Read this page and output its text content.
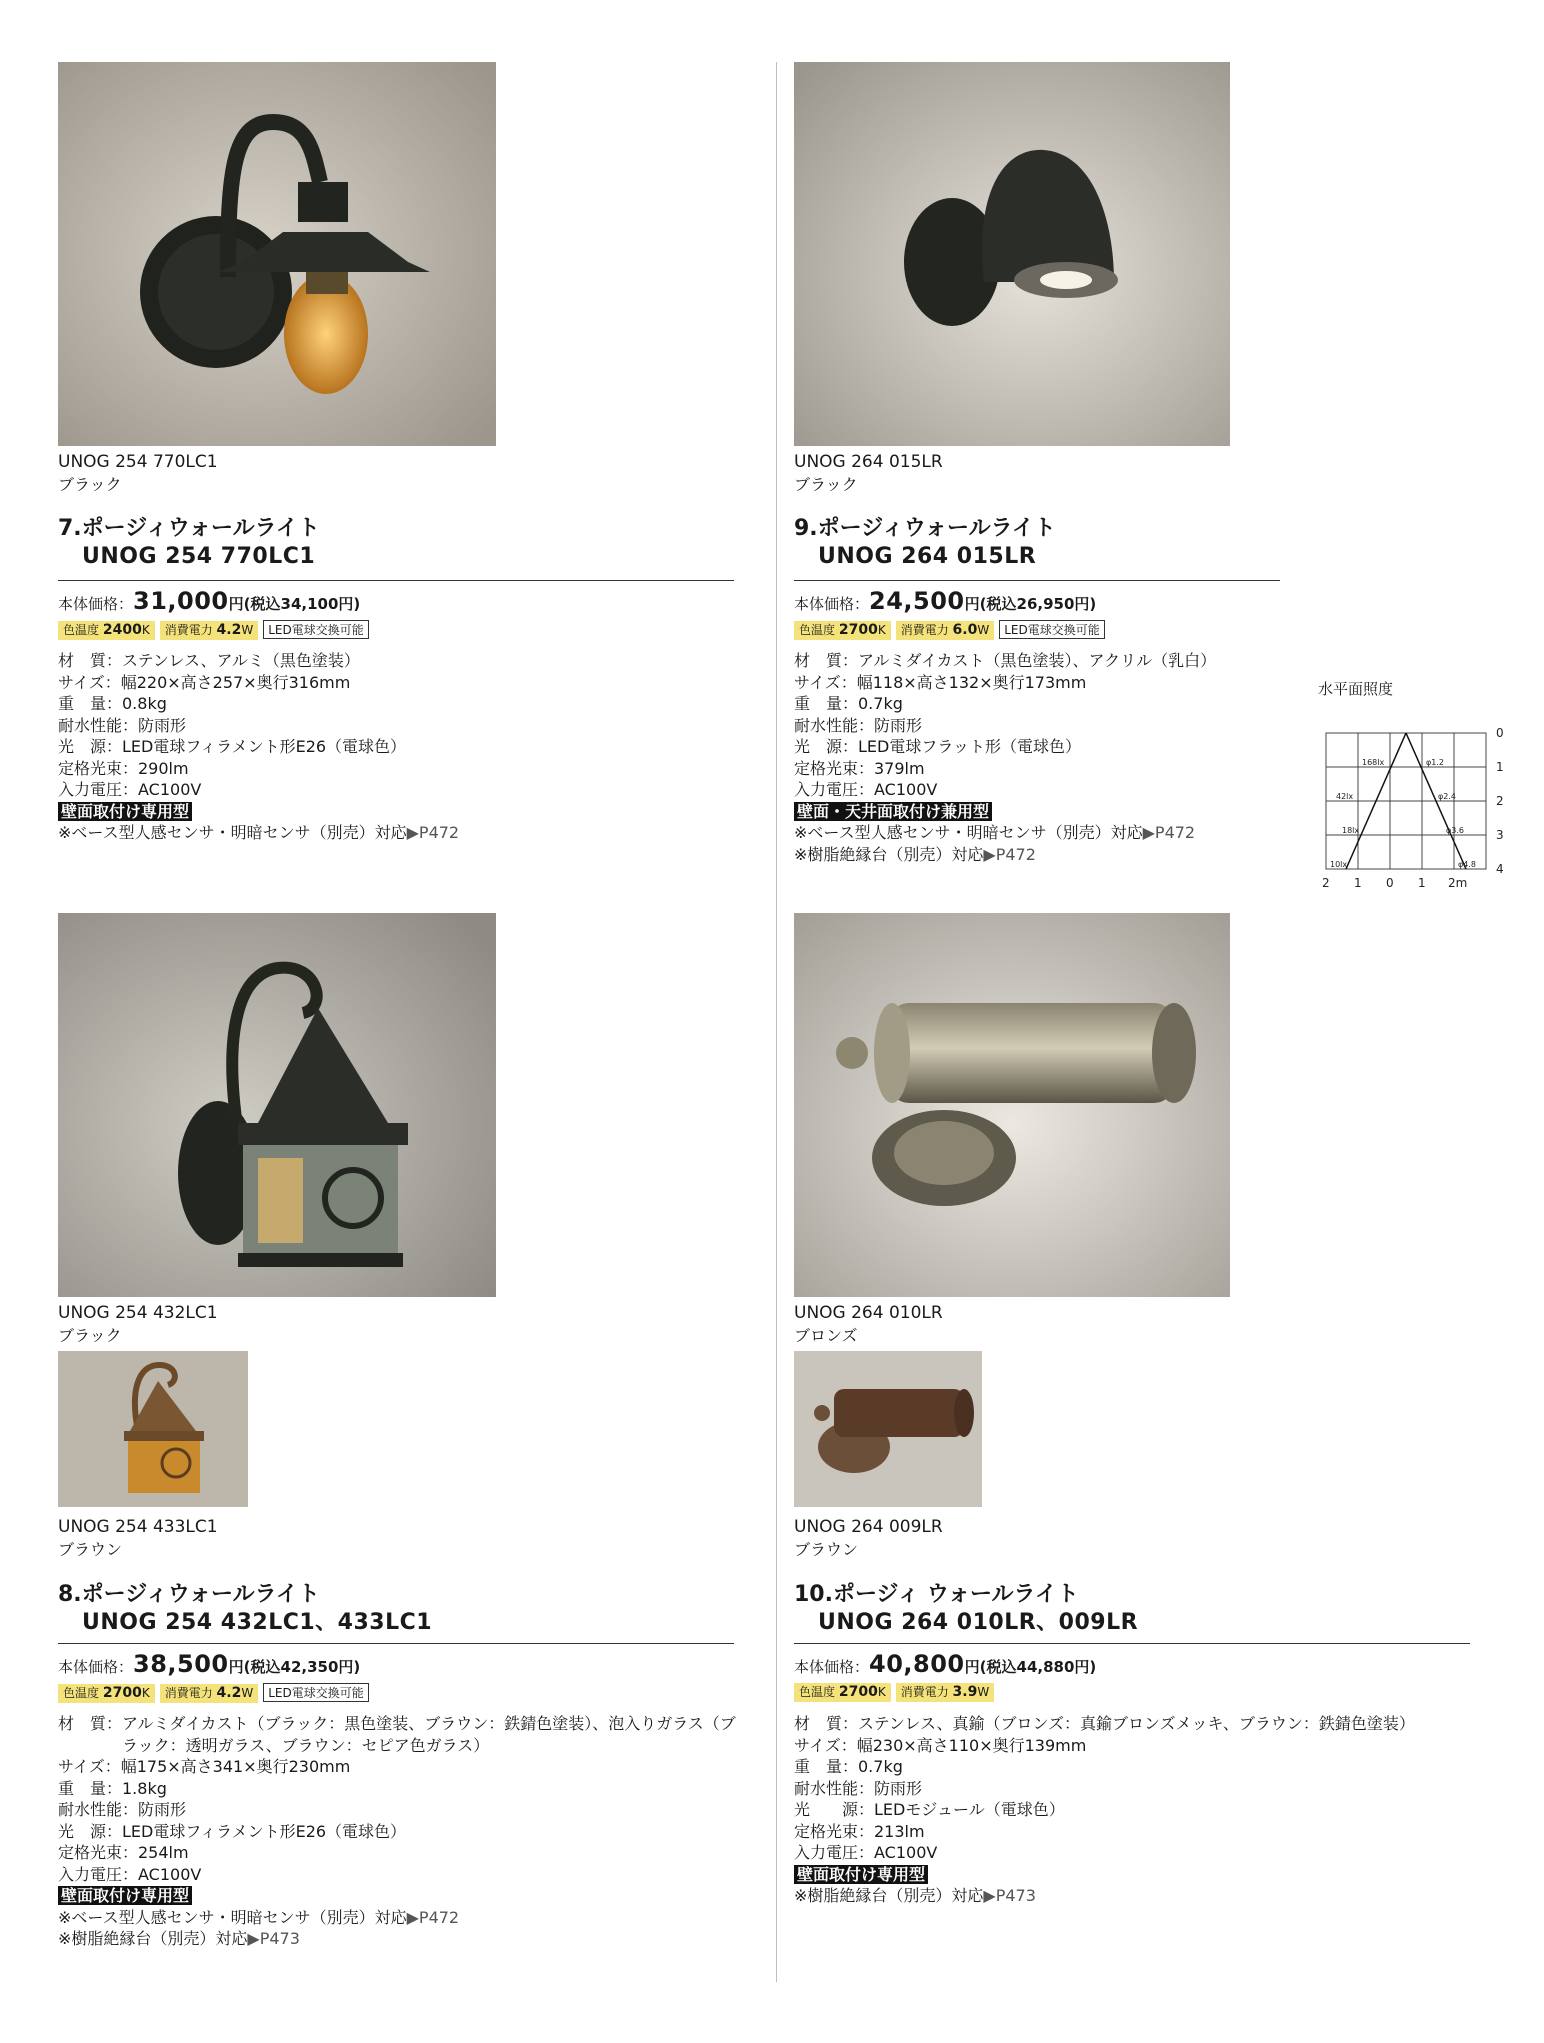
UNOG 254 770LC1
ブラック
7.ポージィウォールライト
UNOG 254 770LC1
本体価格：31,000円(税込34,100円)
色温度 2400K 消費電力 4.2W LED電球交換可能
材　質：ステンレス、アルミ（黒色塗装）
サイズ：幅220×高さ257×奥行316mm
重　量：0.8kg
耐水性能：防雨形
光　源：LED電球フィラメント形E26（電球色）
定格光束：290lm
入力電圧：AC100V
壁面取付け専用型
※ベース型人感センサ・明暗センサ（別売）対応▶P472
UNOG 264 015LR
ブラック
9.ポージィウォールライト
UNOG 264 015LR
本体価格：24,500円(税込26,950円)
色温度 2700K 消費電力 6.0W LED電球交換可能
材　質：アルミダイカスト（黒色塗装）、アクリル（乳白）
サイズ：幅118×高さ132×奥行173mm
重　量：0.7kg
耐水性能：防雨形
光　源：LED電球フラット形（電球色）
定格光束：379lm
入力電圧：AC100V
壁面・天井面取付け兼用型
※ベース型人感センサ・明暗センサ（別売）対応▶P472
※樹脂絶縁台（別売）対応▶P472
水平面照度
168lx
42lx
18lx
10lx
φ1.2
φ2.4
φ3.6
φ4.8
0
1
2
3
4
2 1 0 1 2m
UNOG 254 432LC1
ブラック
UNOG 254 433LC1
ブラウン
8.ポージィウォールライト
UNOG 254 432LC1、433LC1
本体価格：38,500円(税込42,350円)
色温度 2700K 消費電力 4.2W LED電球交換可能
材　質：アルミダイカスト（ブラック：黒色塗装、ブラウン：鉄錆色塗装）、泡入りガラス（ブ
　　　　ラック：透明ガラス、ブラウン：セピア色ガラス）
サイズ：幅175×高さ341×奥行230mm
重　量：1.8kg
耐水性能：防雨形
光　源：LED電球フィラメント形E26（電球色）
定格光束：254lm
入力電圧：AC100V
壁面取付け専用型
※ベース型人感センサ・明暗センサ（別売）対応▶P472
※樹脂絶縁台（別売）対応▶P473
UNOG 264 010LR
ブロンズ
UNOG 264 009LR
ブラウン
10.ポージィ ウォールライト
UNOG 264 010LR、009LR
本体価格：40,800円(税込44,880円)
色温度 2700K 消費電力 3.9W
材　質：ステンレス、真鍮（ブロンズ：真鍮ブロンズメッキ、ブラウン：鉄錆色塗装）
サイズ：幅230×高さ110×奥行139mm
重　量：0.7kg
耐水性能：防雨形
光　　源：LEDモジュール（電球色）
定格光束：213lm
入力電圧：AC100V
壁面取付け専用型
※樹脂絶縁台（別売）対応▶P473
